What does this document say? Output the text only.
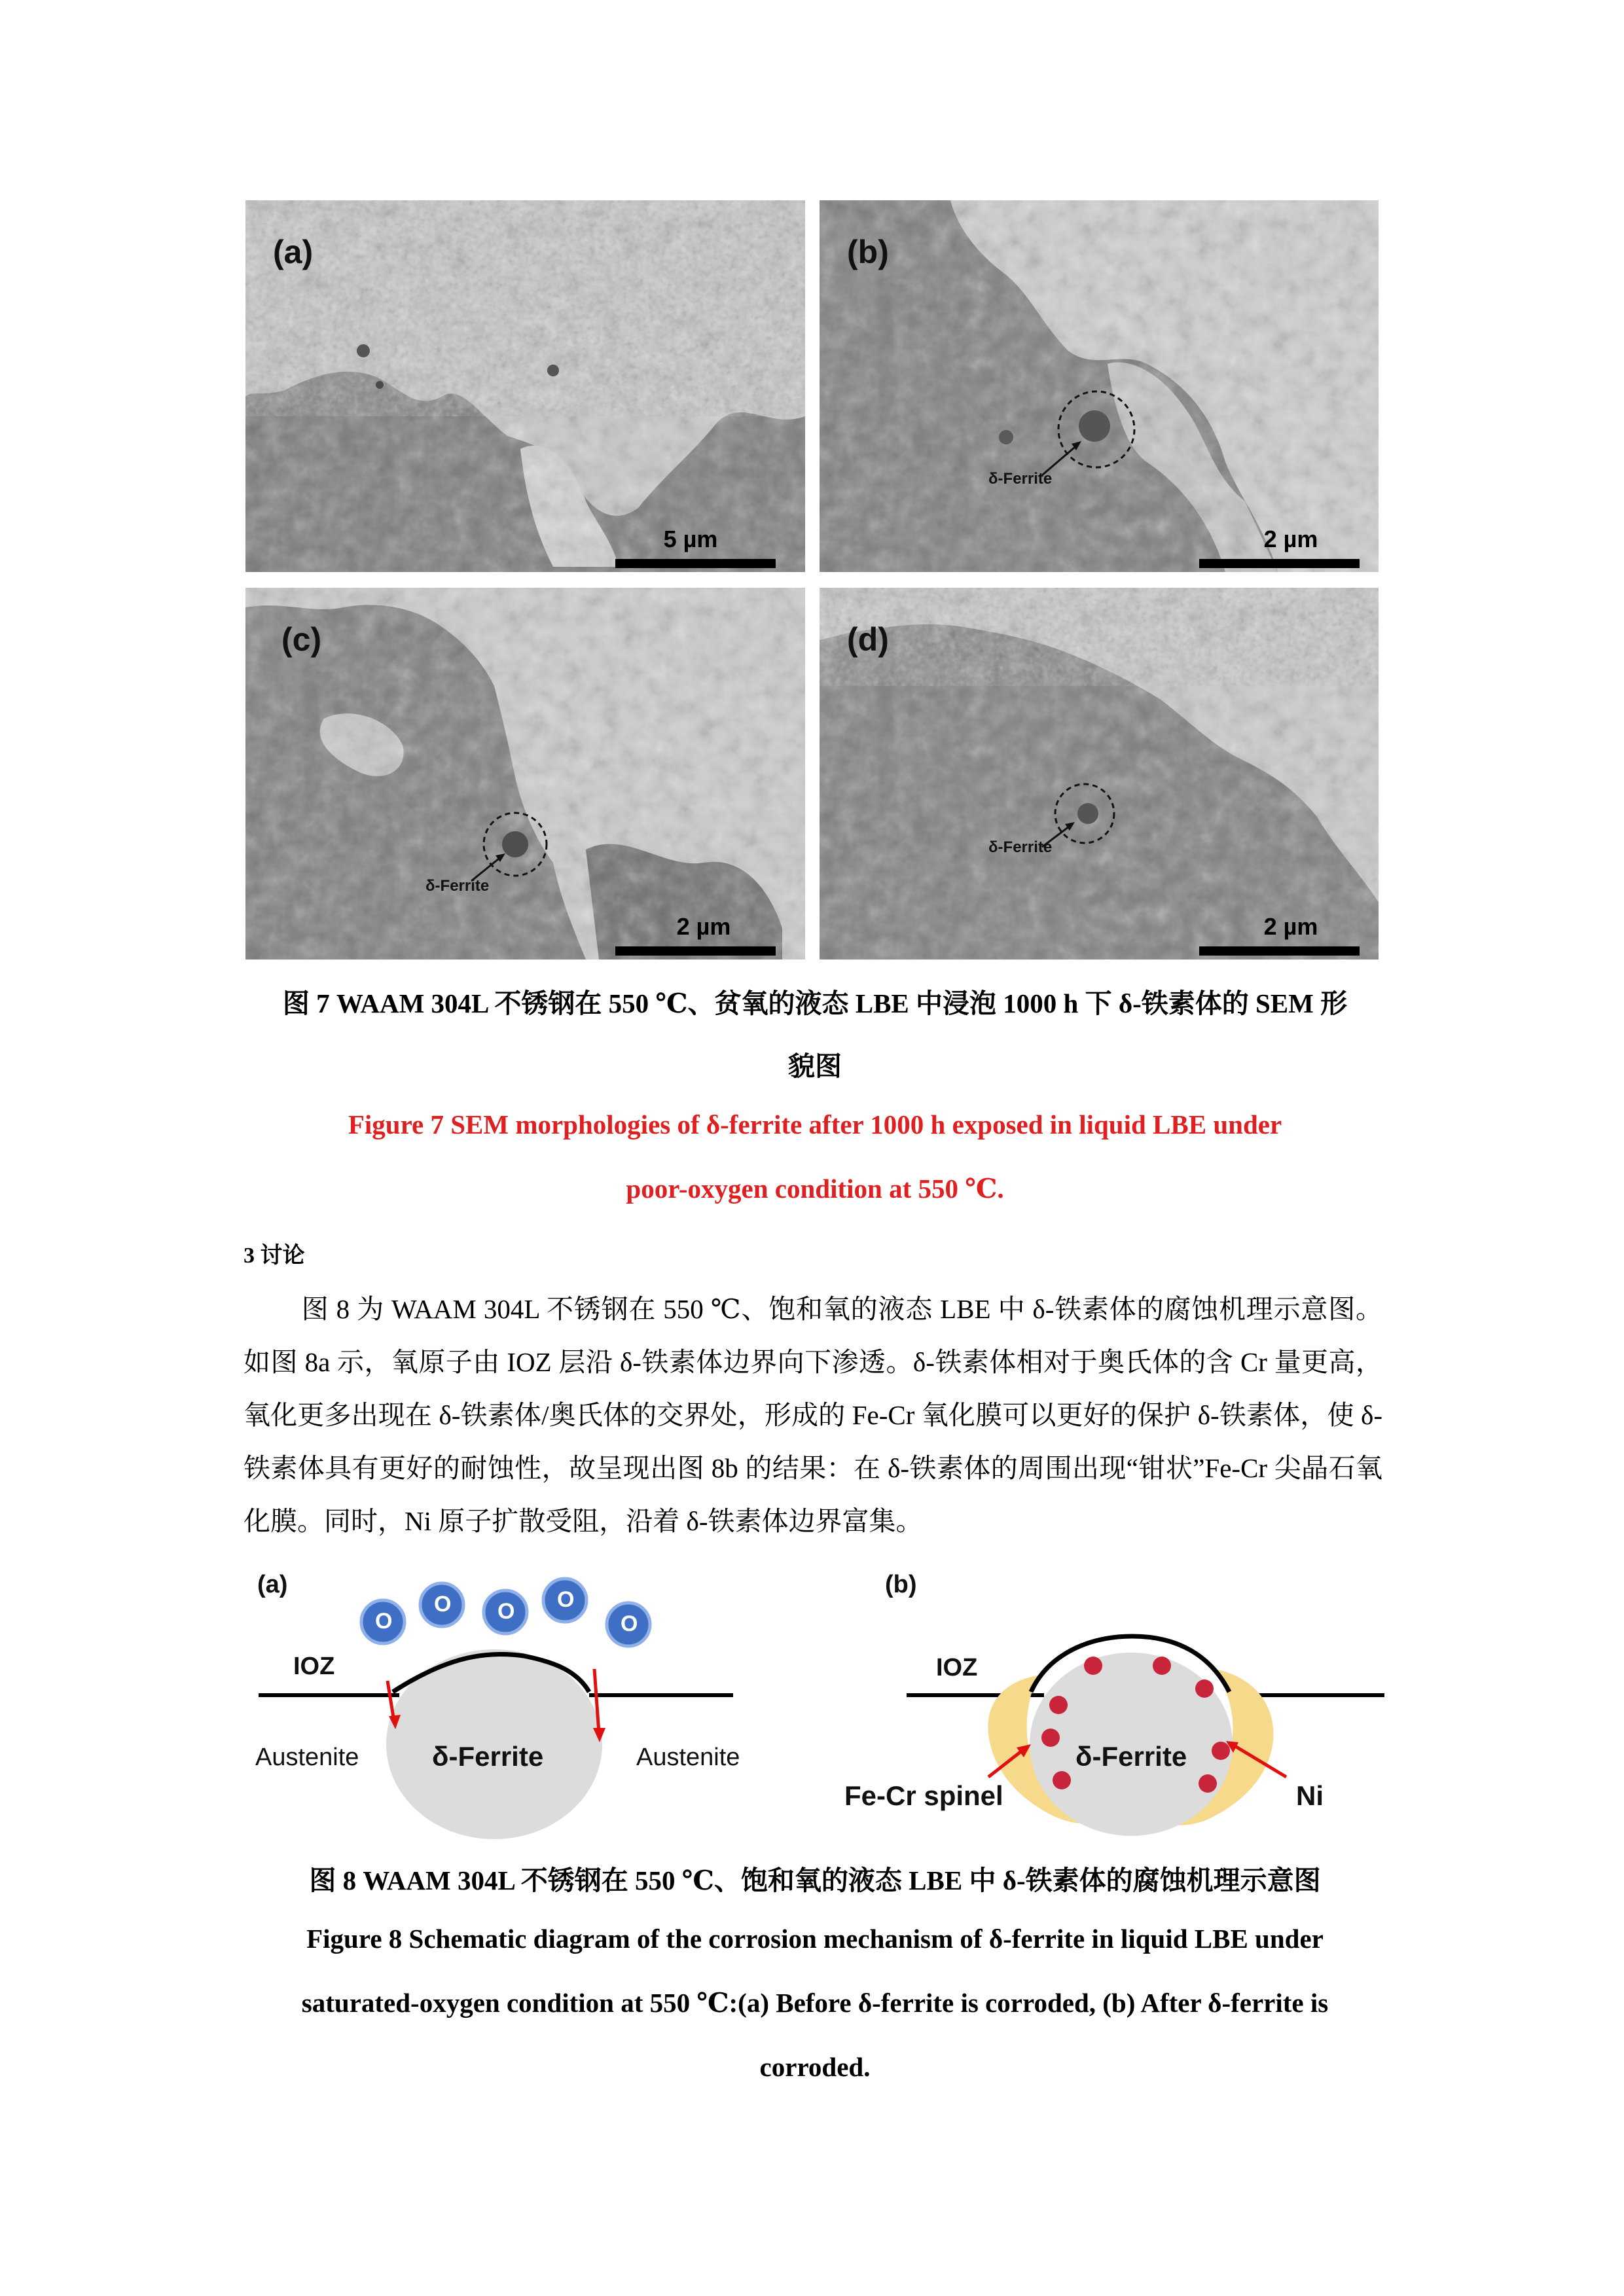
(a)
5 µm
(b)
δ-Ferrite
2 µm
(c)
δ-Ferrite
2 µm
(d)
δ-Ferrite
2 µm
图 7 WAAM 304L 不锈钢在 550 ℃、贫氧的液态 LBE 中浸泡 1000 h 下 δ-铁素体的 SEM 形
貌图
Figure 7 SEM morphologies of δ-ferrite after 1000 h exposed in liquid LBE under
poor-oxygen condition at 550 ℃.
3 讨论
图 8 为 WAAM 304L 不锈钢在 550 ℃、饱和氧的液态 LBE 中 δ-铁素体的腐蚀机理示意图。如图 8a 示，氧原子由 IOZ 层沿 δ-铁素体边界向下渗透。δ-铁素体相对于奥氏体的含 Cr 量更高，氧化更多出现在 δ-铁素体/奥氏体的交界处，形成的 Fe-Cr 氧化膜可以更好的保护 δ-铁素体，使 δ-铁素体具有更好的耐蚀性，故呈现出图 8b 的结果：在 δ-铁素体的周围出现“钳状”Fe-Cr 尖晶石氧化膜。同时，Ni 原子扩散受阻，沿着 δ-铁素体边界富集。
(a)
IOZ
Austenite	Austenite
δ-Ferrite
O
O O O
O
(b)
IOZ
δ-Ferrite
Fe-Cr spinel	Ni
图 8 WAAM 304L 不锈钢在 550 ℃、饱和氧的液态 LBE 中 δ-铁素体的腐蚀机理示意图
Figure 8 Schematic diagram of the corrosion mechanism of δ-ferrite in liquid LBE under
saturated-oxygen condition at 550 ℃:(a) Before δ-ferrite is corroded, (b) After δ-ferrite is
corroded.
